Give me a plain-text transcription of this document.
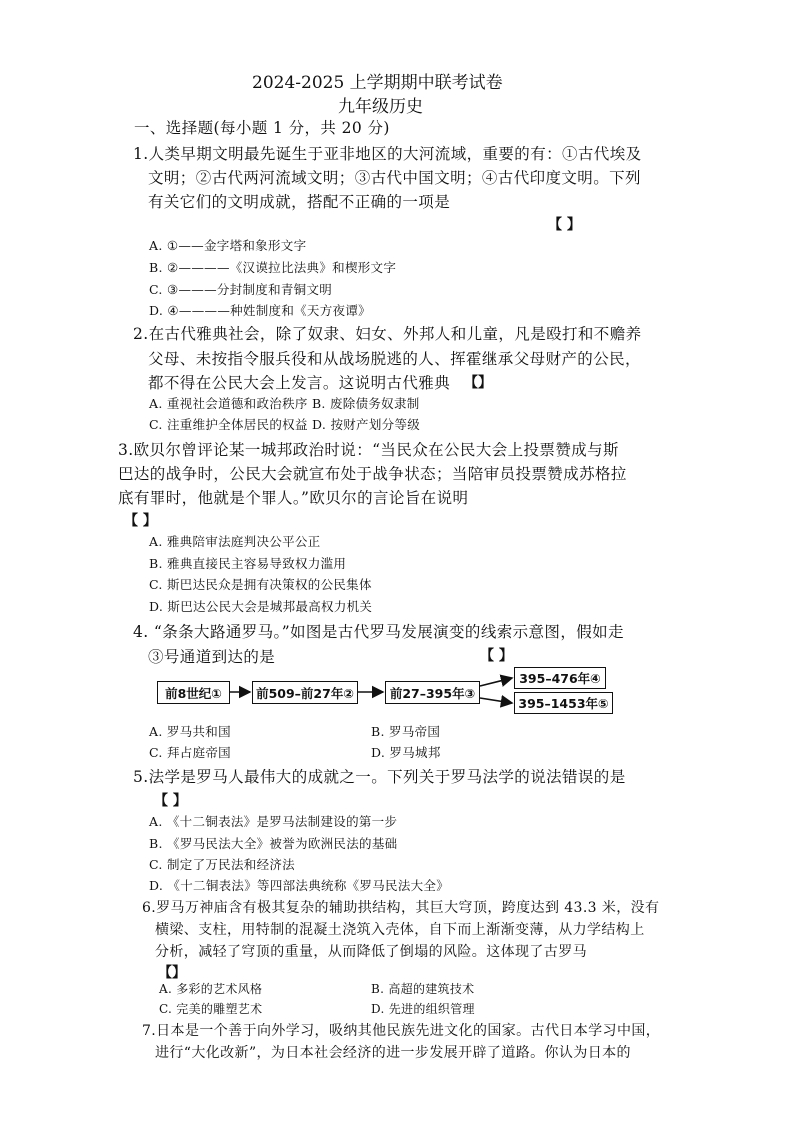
2024-2025 上学期期中联考试卷
九年级历史
一、选择题(每小题 1 分，共 20 分)
1.人类早期文明最先诞生于亚非地区的大河流域，重要的有：①古代埃及
文明；②古代两河流域文明；③古代中国文明；④古代印度文明。下列
有关它们的文明成就，搭配不正确的一项是
【 】
A. ①——金字塔和象形文字
B. ②————《汉谟拉比法典》和楔形文字
C. ③———分封制度和青铜文明
D. ④————种姓制度和《天方夜谭》
2.在古代雅典社会，除了奴隶、妇女、外邦人和儿童，凡是殴打和不赡养
父母、未按指令服兵役和从战场脱逃的人、挥霍继承父母财产的公民，
都不得在公民大会上发言。这说明古代雅典 【】
A. 重视社会道德和政治秩序 B. 废除债务奴隶制
C. 注重维护全体居民的权益 D. 按财产划分等级
3.欧贝尔曾评论某一城邦政治时说：“当民众在公民大会上投票赞成与斯
巴达的战争时，公民大会就宣布处于战争状态；当陪审员投票赞成苏格拉
底有罪时，他就是个罪人。”欧贝尔的言论旨在说明
【 】
A. 雅典陪审法庭判决公平公正
B. 雅典直接民主容易导致权力滥用
C. 斯巴达民众是拥有决策权的公民集体
D. 斯巴达公民大会是城邦最高权力机关
4. “条条大路通罗马。”如图是古代罗马发展演变的线索示意图，假如走
③号通道到达的是	【 】
前8世纪①	前509–前27年②	前27–395年③
395–476年④
395–1453年⑤
A. 罗马共和国	B. 罗马帝国
C. 拜占庭帝国	D. 罗马城邦
5.法学是罗马人最伟大的成就之一。下列关于罗马法学的说法错误的是
【 】
A. 《十二铜表法》是罗马法制建设的第一步
B. 《罗马民法大全》被誉为欧洲民法的基础
C. 制定了万民法和经济法
D. 《十二铜表法》等四部法典统称《罗马民法大全》
6.罗马万神庙含有极其复杂的辅助拱结构，其巨大穹顶，跨度达到 43.3 米，没有
横梁、支柱，用特制的混凝土浇筑入壳体，自下而上渐渐变薄，从力学结构上
分析，减轻了穹顶的重量，从而降低了倒塌的风险。这体现了古罗马
【】
A. 多彩的艺术风格	B. 高超的建筑技术
C. 完美的雕塑艺术	D. 先进的组织管理
7.日本是一个善于向外学习，吸纳其他民族先进文化的国家。古代日本学习中国，
进行“大化改新”，为日本社会经济的进一步发展开辟了道路。你认为日本的
